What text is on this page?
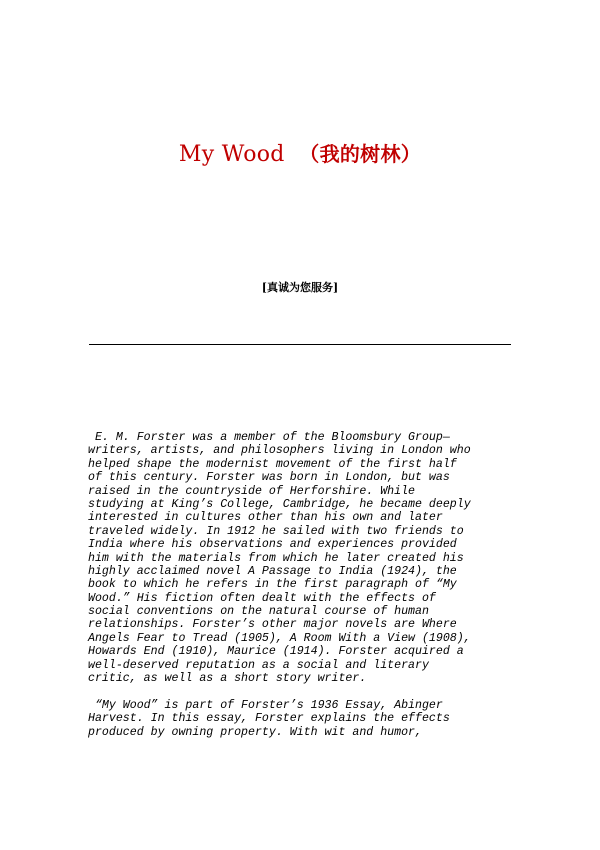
My Wood （我的树林）
[真诚为您服务]
E. M. Forster was a member of the Bloomsbury Group—
writers, artists, and philosophers living in London who
helped shape the modernist movement of the first half
of this century. Forster was born in London, but was
raised in the countryside of Herforshire. While
studying at King’s College, Cambridge, he became deeply
interested in cultures other than his own and later
traveled widely. In 1912 he sailed with two friends to
India where his observations and experiences provided
him with the materials from which he later created his
highly acclaimed novel A Passage to India (1924), the
book to which he refers in the first paragraph of “My
Wood.” His fiction often dealt with the effects of
social conventions on the natural course of human
relationships. Forster’s other major novels are Where
Angels Fear to Tread (1905), A Room With a View (1908),
Howards End (1910), Maurice (1914). Forster acquired a
well-deserved reputation as a social and literary
critic, as well as a short story writer.
“My Wood” is part of Forster’s 1936 Essay, Abinger
Harvest. In this essay, Forster explains the effects
produced by owning property. With wit and humor,
